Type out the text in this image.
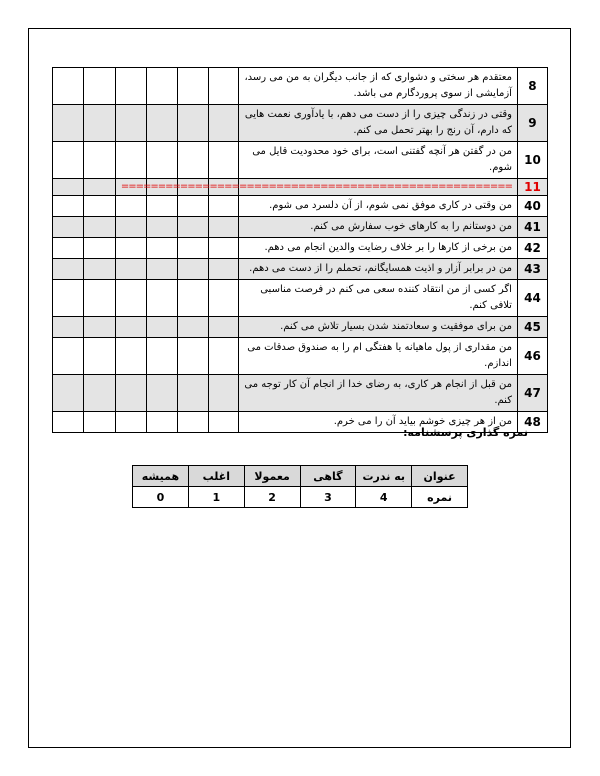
8	معتقدم هر سختی و دشواری که از جانب دیگران به من می رسد، آزمایشی از سوی پروردگارم می باشد.						
9	وقتی در زندگی چیزی را از دست می دهم، با یادآوری نعمت هایی که دارم، آن رنج را بهتر تحمل می کنم.						
10	من در گفتن هر آنچه گفتنی است، برای خود محدودیت قایل می شوم.						
11	=====================================================						

40	من وقتی در کاری موفق نمی شوم، از آن دلسرد می شوم.						
41	من دوستانم را به کارهای خوب سفارش می کنم.						
42	من برخی از کارها را بر خلاف رضایت والدین انجام می دهم.						
43	من در برابر آزار و اذیت همسایگانم، تحملم را از دست می دهم.						
44	اگر کسی از من انتقاد کننده سعی می کنم در فرصت مناسبی تلافی کنم.						
45	من برای موفقیت و سعادتمند شدن بسیار تلاش می کنم.						
46	من مقداری از پول ماهیانه یا هفتگی ام را به صندوق صدقات می اندازم.						
47	من قبل از انجام هر کاری، به رضای خدا از انجام آن کار توجه می کنم.						
48	من از هر چیزی خوشم بیاید آن را می خرم.						
نمره گذاری پرسشنامه:
عنوان	به ندرت	گاهی	معمولا	اغلب	همیشه
نمره	4	3	2	1	0
